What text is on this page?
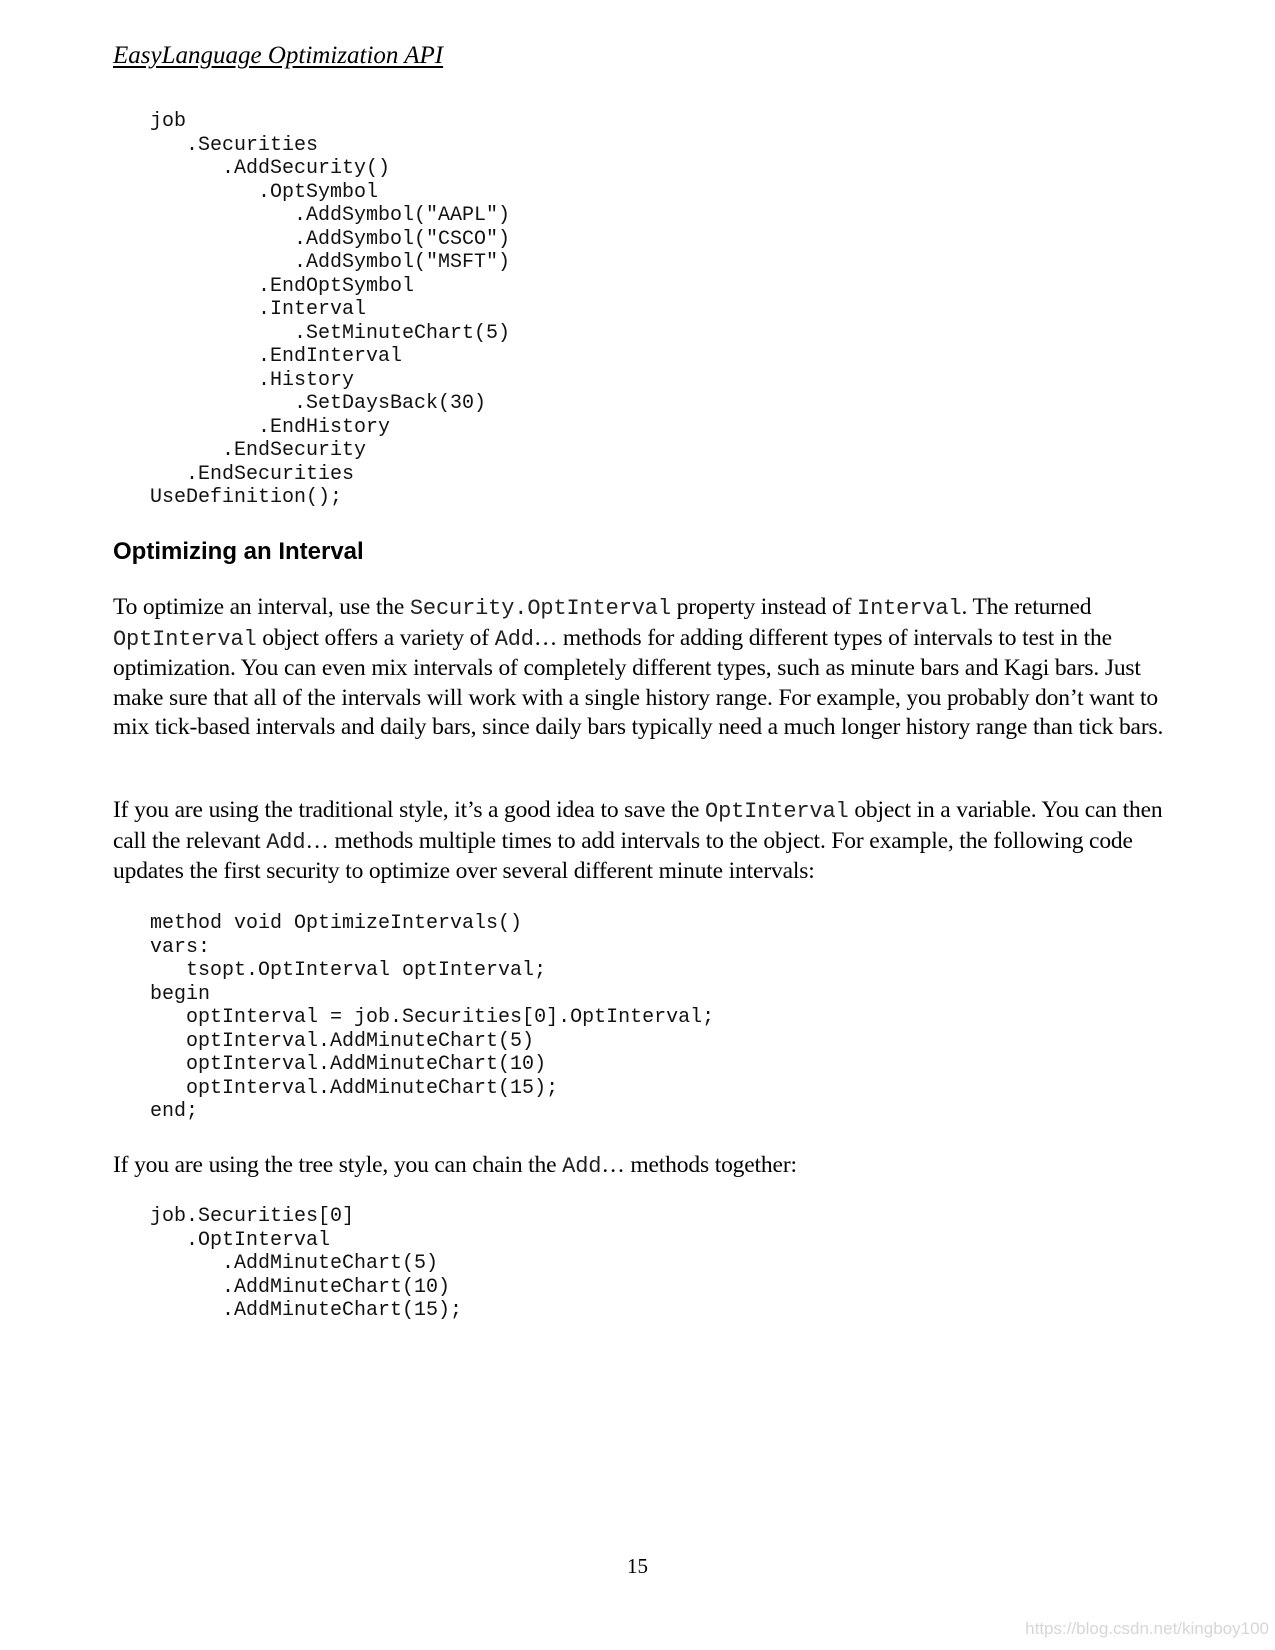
EasyLanguage Optimization API
job
.Securities
.AddSecurity()
.OptSymbol
.AddSymbol("AAPL")
.AddSymbol("CSCO")
.AddSymbol("MSFT")
.EndOptSymbol
.Interval
.SetMinuteChart(5)
.EndInterval
.History
.SetDaysBack(30)
.EndHistory
.EndSecurity
.EndSecurities
UseDefinition();
Optimizing an Interval

To optimize an interval, use the Security.OptInterval property instead of Interval. The returned OptInterval object offers a variety of Add… methods for adding different types of intervals to test in the optimization. You can even mix intervals of completely different types, such as minute bars and Kagi bars. Just make sure that all of the intervals will work with a single history range. For example, you probably don’t want to mix tick-based intervals and daily bars, since daily bars typically need a much longer history range than tick bars.

If you are using the traditional style, it’s a good idea to save the OptInterval object in a variable. You can then call the relevant Add… methods multiple times to add intervals to the object. For example, the following code updates the first security to optimize over several different minute intervals:

method void OptimizeIntervals()
vars:
tsopt.OptInterval optInterval;
begin
optInterval = job.Securities[0].OptInterval;
optInterval.AddMinuteChart(5)
optInterval.AddMinuteChart(10)
optInterval.AddMinuteChart(15);
end;

If you are using the tree style, you can chain the Add… methods together:

job.Securities[0]
.OptInterval
.AddMinuteChart(5)
.AddMinuteChart(10)
.AddMinuteChart(15);
15
https://blog.csdn.net/kingboy100
